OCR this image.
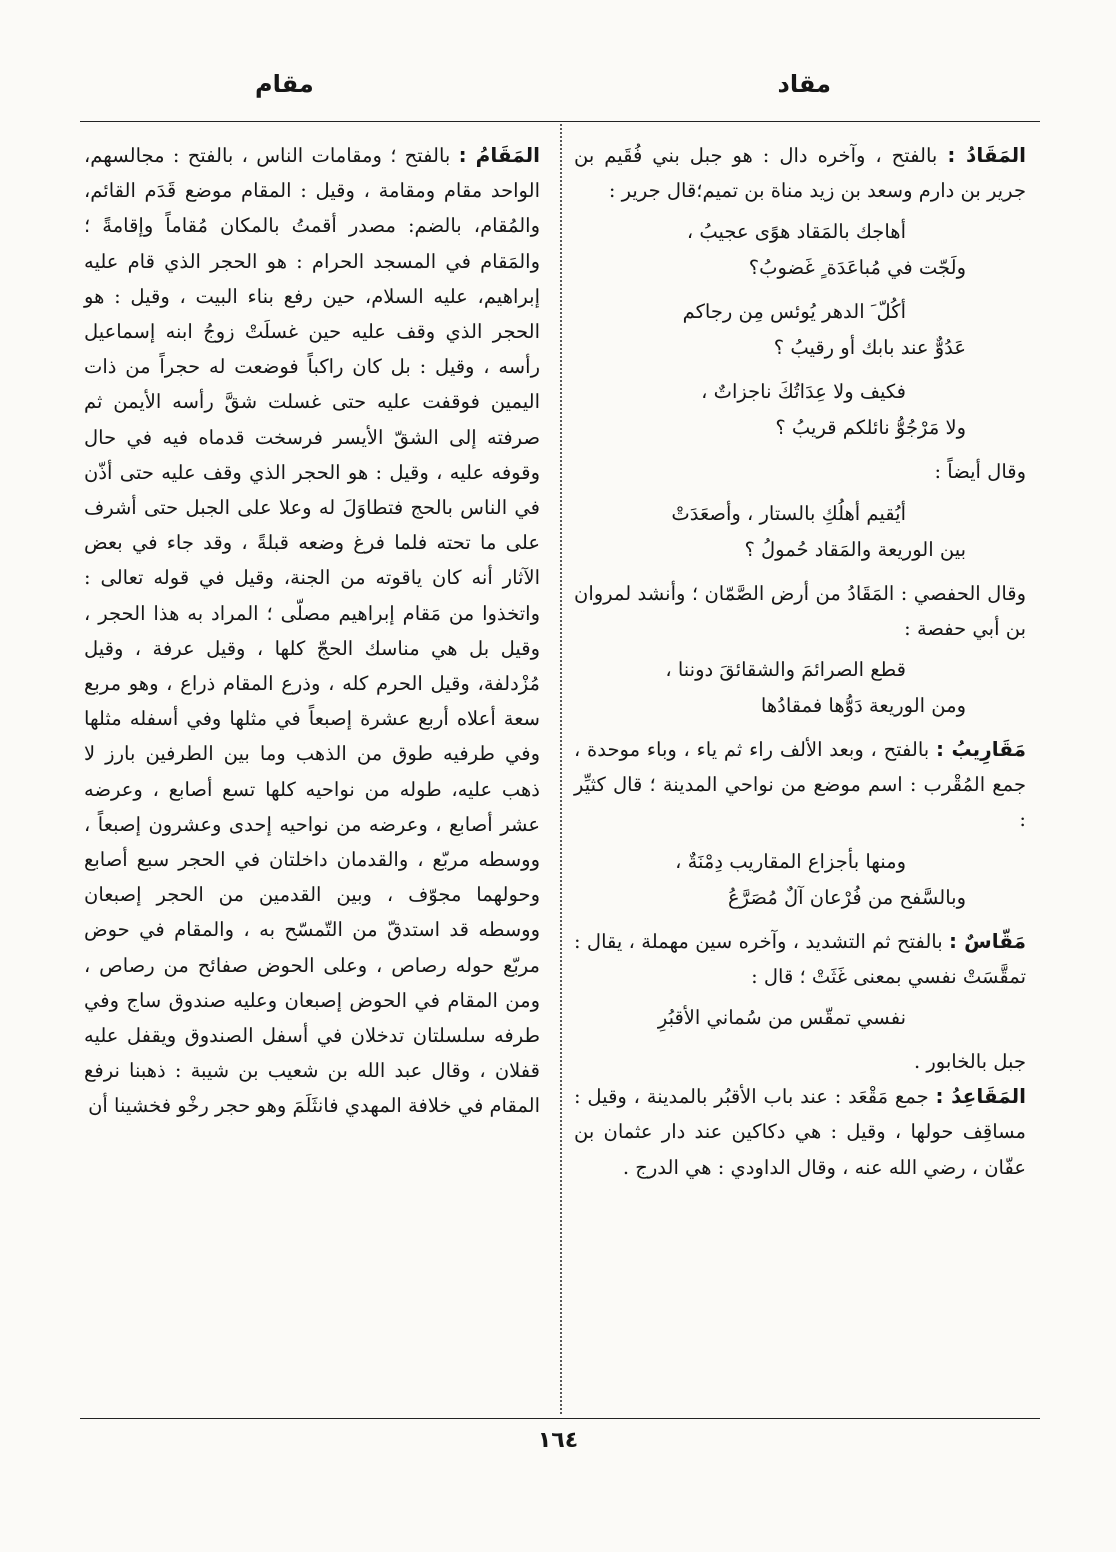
مقاد
مقام

المَقَادُ : بالفتح ، وآخره دال : هو جبل بني فُقَيم بن جرير بن دارم وسعد بن زيد مناة بن تميم؛قال جرير :

أهاجك بالمَقاد هوًى عجيبُ ،
ولَجّت في مُباعَدَة ٍ غَضوبُ؟
أكُلّ َ الدهر يُوئس مِن رجاكم
عَدُوٌّ عند بابك أو رقيبُ ؟
فكيف ولا عِدَاتُكَ ناجزاتٌ ،
ولا مَرْجُوُّ نائلكم قريبُ ؟

وقال أيضاً :

أيُقيم أهلُكِ بالستار ، وأصعَدَتْ
بين الوريعة والمَقاد حُمولُ ؟

وقال الحفصي : المَقَادُ من أرض الصَّمّان ؛ وأنشد لمروان بن أبي حفصة :

قطع الصرائمَ والشقائقَ دوننا ،
ومن الوريعة دَوُّها فمقادُها

مَقَارِيبُ : بالفتح ، وبعد الألف راء ثم ياء ، وباء موحدة ، جمع المُقْرب : اسم موضع من نواحي المدينة ؛ قال كثيِّر :

ومنها بأجزاع المقاريب دِمْنَةٌ ،
وبالسَّفح من فُرْعان آلٌ مُصَرَّعُ

مَقّاسٌ : بالفتح ثم التشديد ، وآخره سين مهملة ، يقال : تمقَّسَتْ نفسي بمعنى غَثَتْ ؛ قال :

نفسي تمقّس من سُماني الأقبُرِ

جبل بالخابور .

المَقَاعِدُ : جمع مَقْعَد : عند باب الأقبُر بالمدينة ، وقيل : مساقِف حولها ، وقيل : هي دكاكين عند دار عثمان بن عفّان ، رضي الله عنه ، وقال الداودي : هي الدرج .

المَقَامُ : بالفتح ؛ ومقامات الناس ، بالفتح : مجالسهم، الواحد مقام ومقامة ، وقيل : المقام موضع قَدَم القائم، والمُقام، بالضم: مصدر أقمتُ بالمكان مُقاماً وإقامةً ؛ والمَقام في المسجد الحرام : هو الحجر الذي قام عليه إبراهيم، عليه السلام، حين رفع بناء البيت ، وقيل : هو الحجر الذي وقف عليه حين غسلَتْ زوجُ ابنه إسماعيل رأسه ، وقيل : بل كان راكباً فوضعت له حجراً من ذات اليمين فوقفت عليه حتى غسلت شقَّ رأسه الأيمن ثم صرفته إلى الشقّ الأيسر فرسخت قدماه فيه في حال وقوفه عليه ، وقيل : هو الحجر الذي وقف عليه حتى أذّن في الناس بالحج فتطاوَلَ له وعلا على الجبل حتى أشرف على ما تحته فلما فرغ وضعه قبلةً ، وقد جاء في بعض الآثار أنه كان ياقوته من الجنة، وقيل في قوله تعالى : واتخذوا من مَقام إبراهيم مصلّى ؛ المراد به هذا الحجر ، وقيل بل هي مناسك الحجّ كلها ، وقيل عرفة ، وقيل مُزْدلفة، وقيل الحرم كله ، وذرع المقام ذراع ، وهو مربع سعة أعلاه أربع عشرة إصبعاً في مثلها وفي أسفله مثلها وفي طرفيه طوق من الذهب وما بين الطرفين بارز لا ذهب عليه، طوله من نواحيه كلها تسع أصابع ، وعرضه عشر أصابع ، وعرضه من نواحيه إحدى وعشرون إصبعاً ، ووسطه مربّع ، والقدمان داخلتان في الحجر سبع أصابع وحولهما مجوّف ، وبين القدمين من الحجر إصبعان ووسطه قد استدقّ من التّمسّح به ، والمقام في حوض مربّع حوله رصاص ، وعلى الحوض صفائح من رصاص ، ومن المقام في الحوض إصبعان وعليه صندوق ساج وفي طرفه سلسلتان تدخلان في أسفل الصندوق ويقفل عليه قفلان ، وقال عبد الله بن شعيب بن شيبة : ذهبنا نرفع المقام في خلافة المهدي فانثَلَمَ وهو حجر رخْو فخشينا أن

١٦٤
